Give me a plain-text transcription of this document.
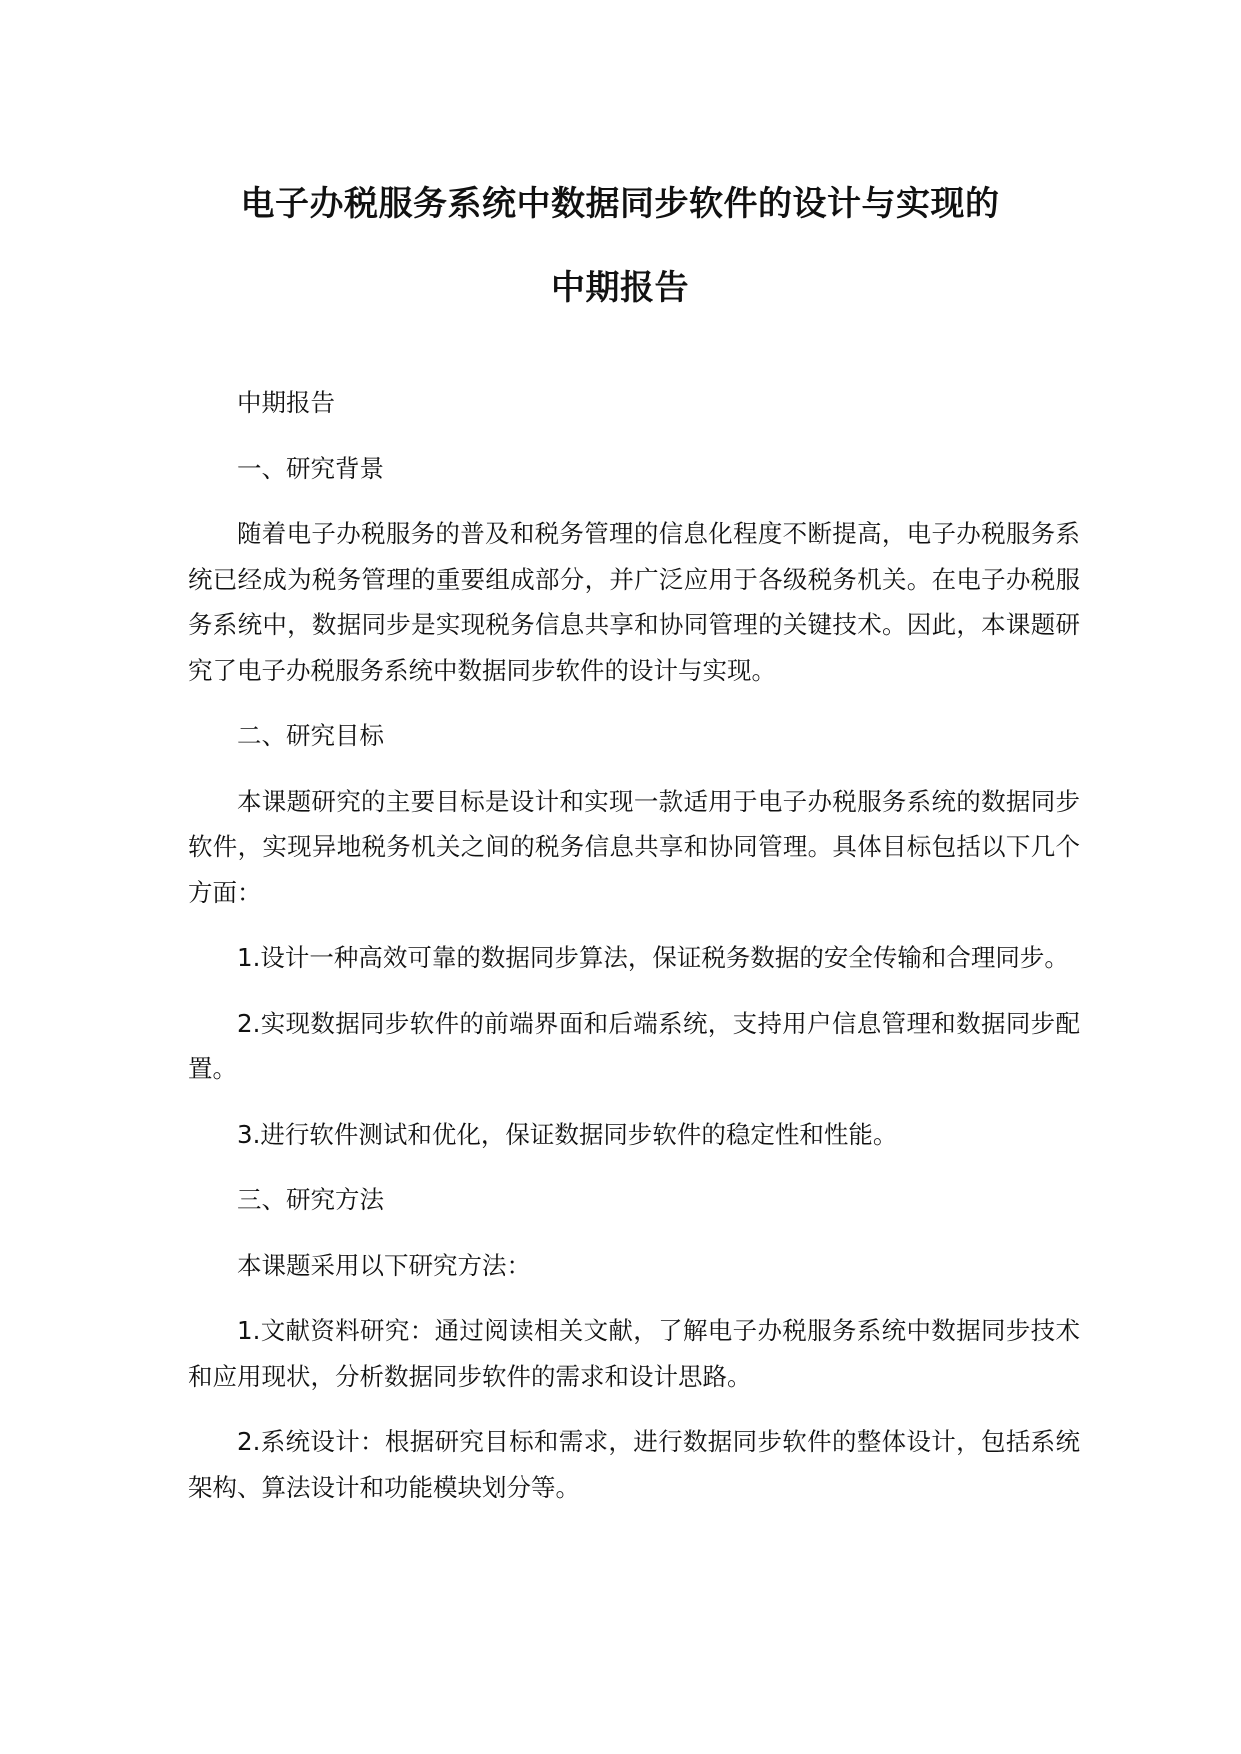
电子办税服务系统中数据同步软件的设计与实现的
中期报告

中期报告

一、研究背景

随着电子办税服务的普及和税务管理的信息化程度不断提高，电子办税服务系统已经成为税务管理的重要组成部分，并广泛应用于各级税务机关。在电子办税服务系统中，数据同步是实现税务信息共享和协同管理的关键技术。因此，本课题研究了电子办税服务系统中数据同步软件的设计与实现。

二、研究目标

本课题研究的主要目标是设计和实现一款适用于电子办税服务系统的数据同步软件，实现异地税务机关之间的税务信息共享和协同管理。具体目标包括以下几个方面：

1.设计一种高效可靠的数据同步算法，保证税务数据的安全传输和合理同步。

2.实现数据同步软件的前端界面和后端系统，支持用户信息管理和数据同步配置。

3.进行软件测试和优化，保证数据同步软件的稳定性和性能。

三、研究方法

本课题采用以下研究方法：

1.文献资料研究：通过阅读相关文献，了解电子办税服务系统中数据同步技术和应用现状，分析数据同步软件的需求和设计思路。

2.系统设计：根据研究目标和需求，进行数据同步软件的整体设计，包括系统架构、算法设计和功能模块划分等。
